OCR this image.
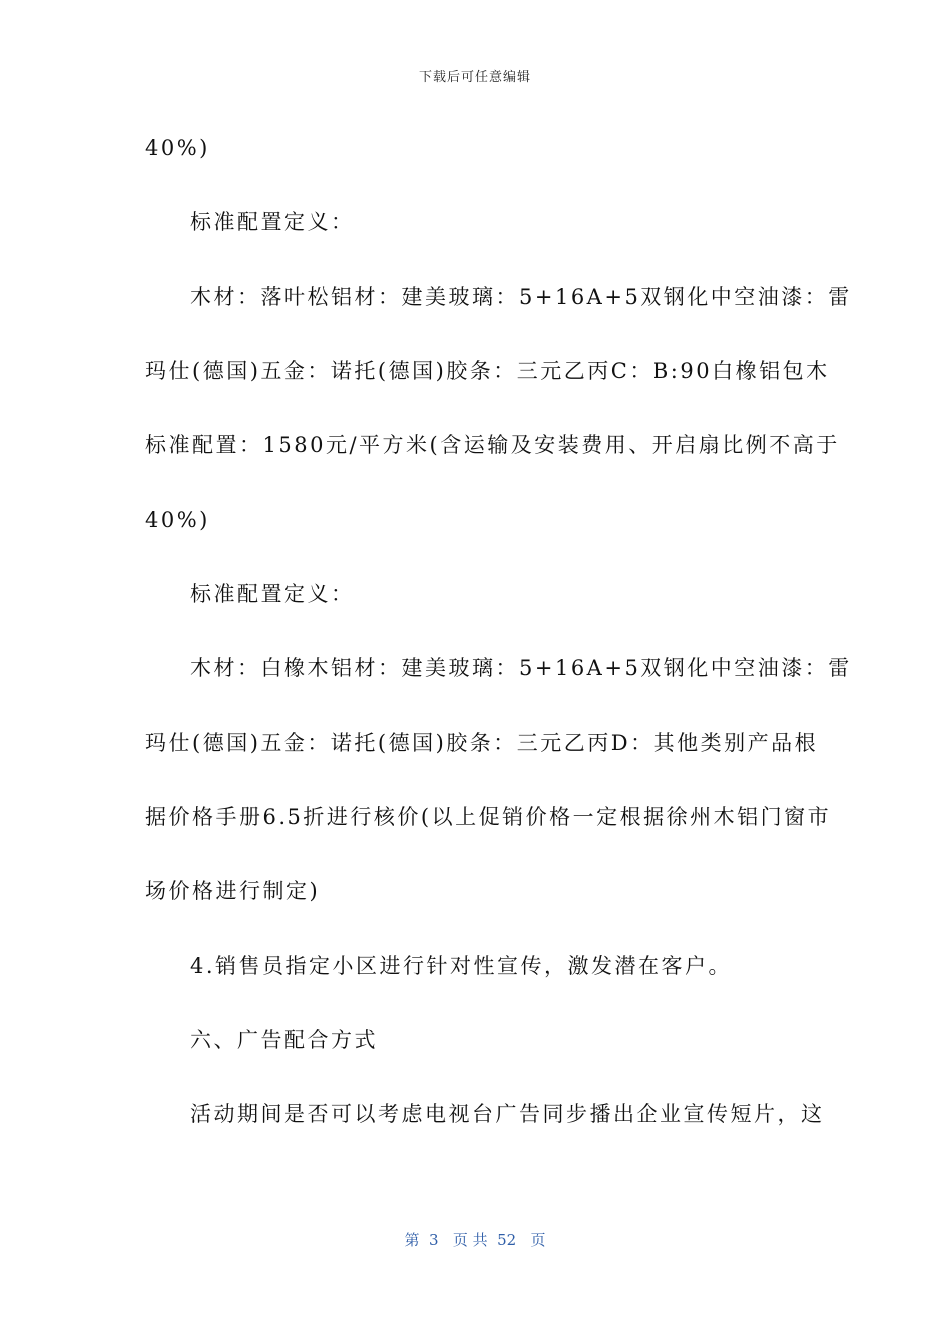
下载后可任意编辑
40%)
标准配置定义：
木材：落叶松铝材：建美玻璃：5+16A+5双钢化中空油漆：雷
玛仕(德国)五金：诺托(德国)胶条：三元乙丙C：B:90白橡铝包木
标准配置：1580元/平方米(含运输及安装费用、开启扇比例不高于
40%)
标准配置定义：
木材：白橡木铝材：建美玻璃：5+16A+5双钢化中空油漆：雷
玛仕(德国)五金：诺托(德国)胶条：三元乙丙D：其他类别产品根
据价格手册6.5折进行核价(以上促销价格一定根据徐州木铝门窗市
场价格进行制定)
4.销售员指定小区进行针对性宣传，激发潜在客户。
六、广告配合方式
活动期间是否可以考虑电视台广告同步播出企业宣传短片，这
第  3   页 共  52   页
